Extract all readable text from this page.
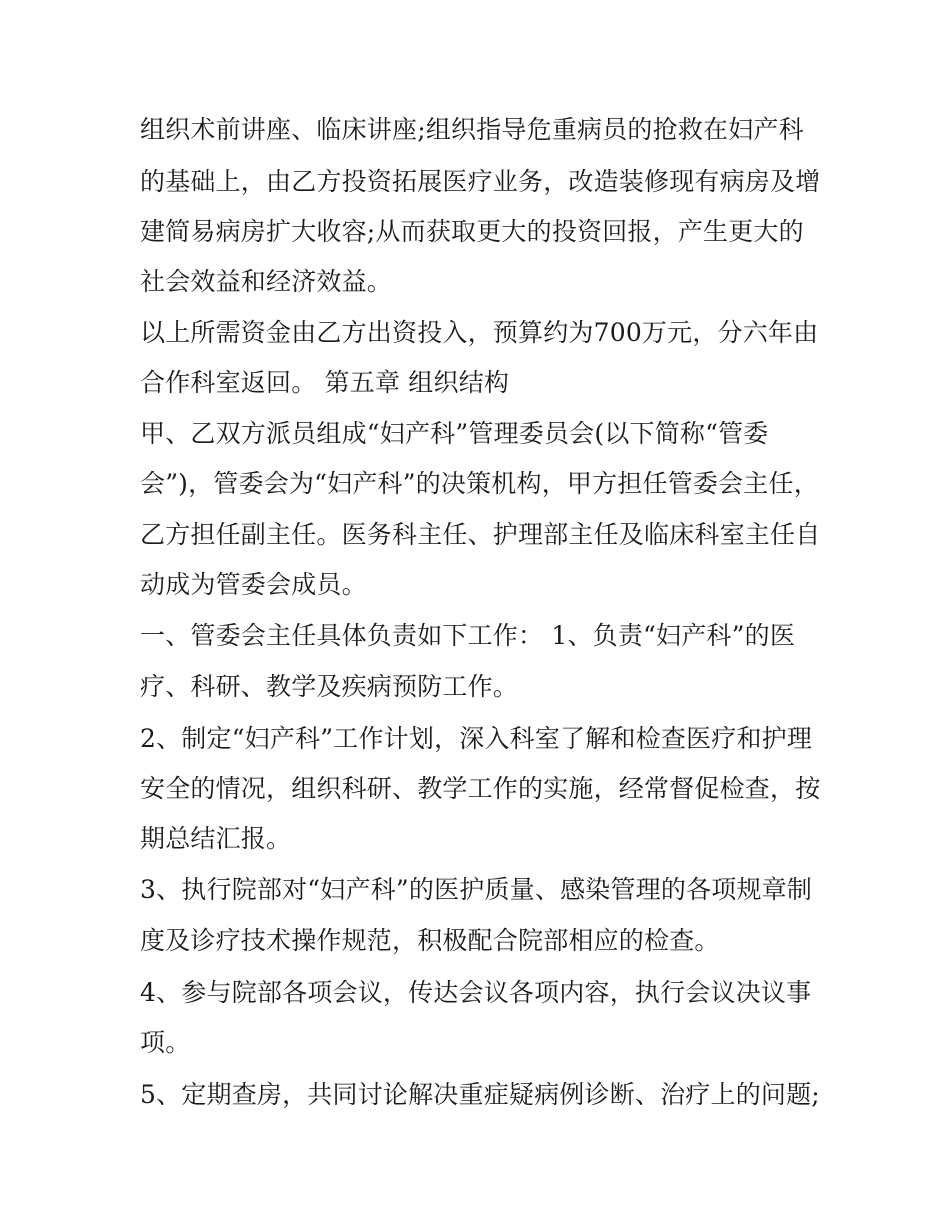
组织术前讲座、临床讲座;组织指导危重病员的抢救在妇产科

的基础上，由乙方投资拓展医疗业务，改造装修现有病房及增

建简易病房扩大收容;从而获取更大的投资回报，产生更大的

社会效益和经济效益。

以上所需资金由乙方出资投入，预算约为700万元，分六年由

合作科室返回。 第五章 组织结构

甲、乙双方派员组成“妇产科”管理委员会(以下简称“管委

会”)，管委会为“妇产科”的决策机构，甲方担任管委会主任，

乙方担任副主任。医务科主任、护理部主任及临床科室主任自

动成为管委会成员。

一、管委会主任具体负责如下工作： 1、负责“妇产科”的医

疗、科研、教学及疾病预防工作。

2、制定“妇产科”工作计划，深入科室了解和检查医疗和护理

安全的情况，组织科研、教学工作的实施，经常督促检查，按

期总结汇报。

3、执行院部对“妇产科”的医护质量、感染管理的各项规章制

度及诊疗技术操作规范，积极配合院部相应的检查。

4、参与院部各项会议，传达会议各项内容，执行会议决议事

项。

5、定期查房，共同讨论解决重症疑病例诊断、治疗上的问题;
